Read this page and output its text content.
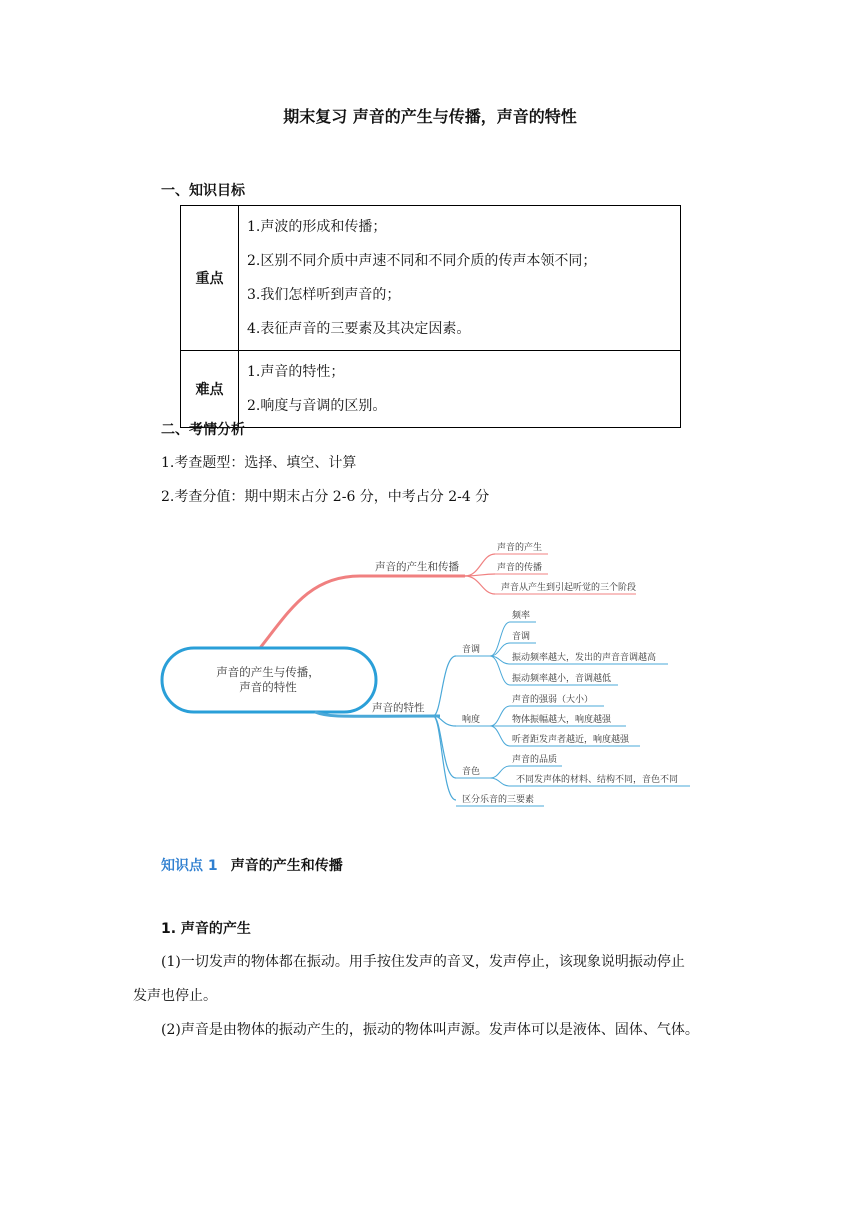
期末复习 声音的产生与传播，声音的特性
一、知识目标
重点	1.声波的形成和传播；
2.区别不同介质中声速不同和不同介质的传声本领不同；
3.我们怎样听到声音的；
4.表征声音的三要素及其决定因素。

难点	1.声音的特性；
2.响度与音调的区别。
二、考情分析
1.考查题型：选择、填空、计算
2.考查分值：期中期末占分 2-6 分，中考占分 2-4 分
声音的产生和传播
声音的产生
声音的传播
声音从产生到引起听觉的三个阶段
声音的产生与传播，
声音的特性
声音的特性
音调
频率
音调
振动频率越大，发出的声音音调越高
振动频率越小，音调越低
响度
声音的强弱（大小）
物体振幅越大，响度越强
听者距发声者越近，响度越强
音色
声音的品质
不同发声体的材料、结构不同，音色不同
区分乐音的三要素
知识点 1 声音的产生和传播
1. 声音的产生
(1)一切发声的物体都在振动。用手按住发声的音叉，发声停止，该现象说明振动停止
发声也停止。
(2)声音是由物体的振动产生的，振动的物体叫声源。发声体可以是液体、固体、气体。
